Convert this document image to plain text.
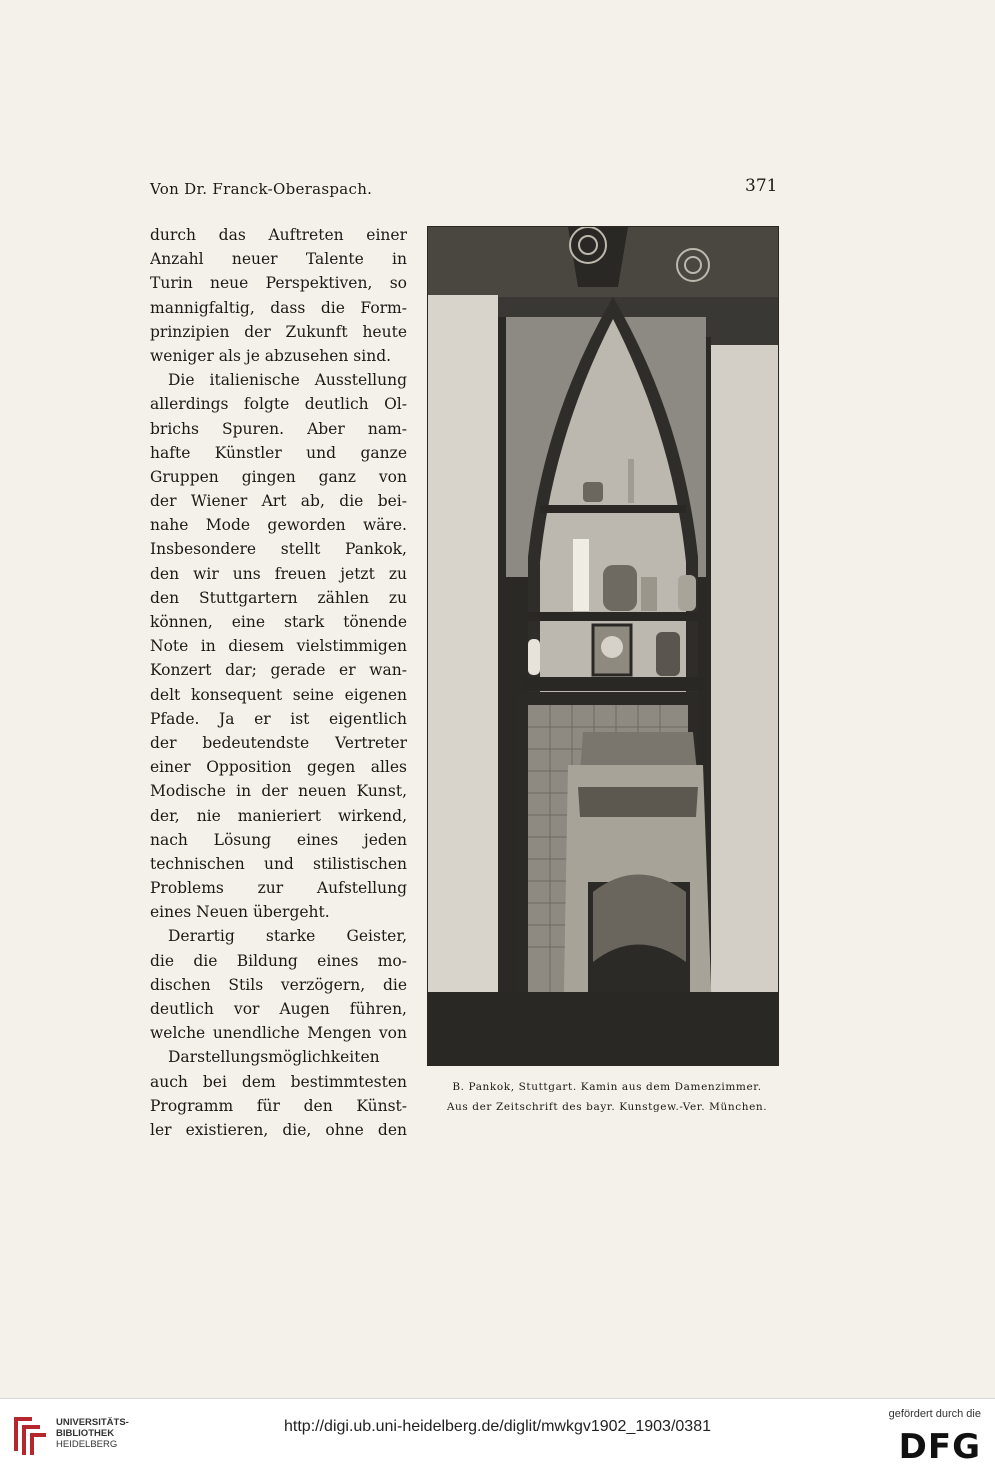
Von Dr. Franck-Oberaspach.	371
durch das Auftreten einer
Anzahl neuer Talente in
Turin neue Perspektiven, so
mannigfaltig, dass die Form-
prinzipien der Zukunft heute
weniger als je abzusehen sind.
Die italienische Ausstellung
allerdings folgte deutlich Ol-
brichs Spuren. Aber nam-
hafte Künstler und ganze
Gruppen gingen ganz von
der Wiener Art ab, die bei-
nahe Mode geworden wäre.
Insbesondere stellt Pankok,
den wir uns freuen jetzt zu
den Stuttgartern zählen zu
können, eine stark tönende
Note in diesem vielstimmigen
Konzert dar; gerade er wan-
delt konsequent seine eigenen
Pfade. Ja er ist eigentlich
der bedeutendste Vertreter
einer Opposition gegen alles
Modische in der neuen Kunst,
der, nie manieriert wirkend,
nach Lösung eines jeden
technischen und stilistischen
Problems zur Aufstellung
eines Neuen übergeht.
Derartig starke Geister,
die die Bildung eines mo-
dischen Stils verzögern, die
deutlich vor Augen führen,
welche unendliche Mengen von
Darstellungsmöglichkeiten
auch bei dem bestimmtesten
Programm für den Künst-
ler existieren, die, ohne den
B. Pankok, Stuttgart. Kamin aus dem Damenzimmer.
Aus der Zeitschrift des bayr. Kunstgew.-Ver. München.
UNIVERSITÄTS-
BIBLIOTHEK
HEIDELBERG
http://digi.ub.uni-heidelberg.de/diglit/mwkgv1902_1903/0381
gefördert durch die
DFG
